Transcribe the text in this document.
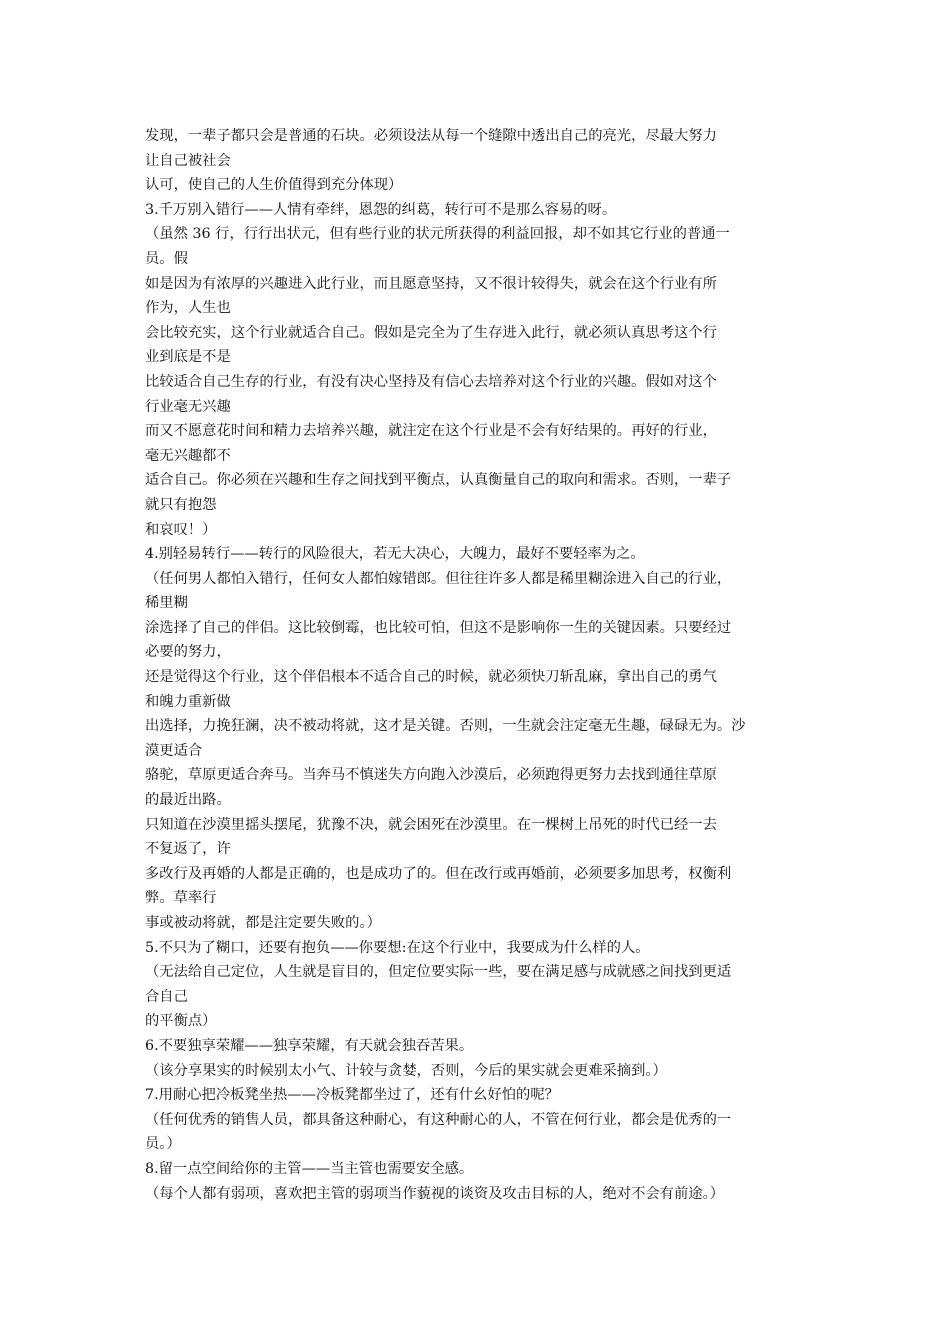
发现，一辈子都只会是普通的石块。必须设法从每一个缝隙中透出自己的亮光，尽最大努力
让自己被社会
认可，使自己的人生价值得到充分体现）
3.千万别入错行——人情有牵绊，恩怨的纠葛，转行可不是那么容易的呀。
（虽然 36 行，行行出状元，但有些行业的状元所获得的利益回报，却不如其它行业的普通一
员。假
如是因为有浓厚的兴趣进入此行业，而且愿意坚持，又不很计较得失，就会在这个行业有所
作为，人生也
会比较充实，这个行业就适合自己。假如是完全为了生存进入此行，就必须认真思考这个行
业到底是不是
比较适合自己生存的行业，有没有决心坚持及有信心去培养对这个行业的兴趣。假如对这个
行业毫无兴趣
而又不愿意花时间和精力去培养兴趣，就注定在这个行业是不会有好结果的。再好的行业，
毫无兴趣都不
适合自己。你必须在兴趣和生存之间找到平衡点，认真衡量自己的取向和需求。否则，一辈子
就只有抱怨
和哀叹！）
4.别轻易转行——转行的风险很大，若无大决心，大魄力，最好不要轻率为之。
（任何男人都怕入错行，任何女人都怕嫁错郎。但往往许多人都是稀里糊涂进入自己的行业，
稀里糊
涂选择了自己的伴侣。这比较倒霉，也比较可怕，但这不是影响你一生的关键因素。只要经过
必要的努力，
还是觉得这个行业，这个伴侣根本不适合自己的时候，就必须快刀斩乱麻，拿出自己的勇气
和魄力重新做
出选择，力挽狂澜，决不被动将就，这才是关键。否则，一生就会注定毫无生趣，碌碌无为。沙
漠更适合
骆驼，草原更适合奔马。当奔马不慎迷失方向跑入沙漠后，必须跑得更努力去找到通往草原
的最近出路。
只知道在沙漠里摇头摆尾，犹豫不决，就会困死在沙漠里。在一棵树上吊死的时代已经一去
不复返了，许
多改行及再婚的人都是正确的，也是成功了的。但在改行或再婚前，必须要多加思考，权衡利
弊。草率行
事或被动将就，都是注定要失败的。）
5.不只为了糊口，还要有抱负——你要想:在这个行业中，我要成为什么样的人。
（无法给自己定位，人生就是盲目的，但定位要实际一些，要在满足感与成就感之间找到更适
合自己
的平衡点）
6.不要独享荣耀——独享荣耀，有天就会独吞苦果。
（该分享果实的时候别太小气、计较与贪婪，否则，今后的果实就会更难采摘到。）
7.用耐心把冷板凳坐热——冷板凳都坐过了，还有什幺好怕的呢？
（任何优秀的销售人员，都具备这种耐心，有这种耐心的人，不管在何行业，都会是优秀的一
员。）
8.留一点空间给你的主管——当主管也需要安全感。
（每个人都有弱项，喜欢把主管的弱项当作藐视的谈资及攻击目标的人，绝对不会有前途。）
